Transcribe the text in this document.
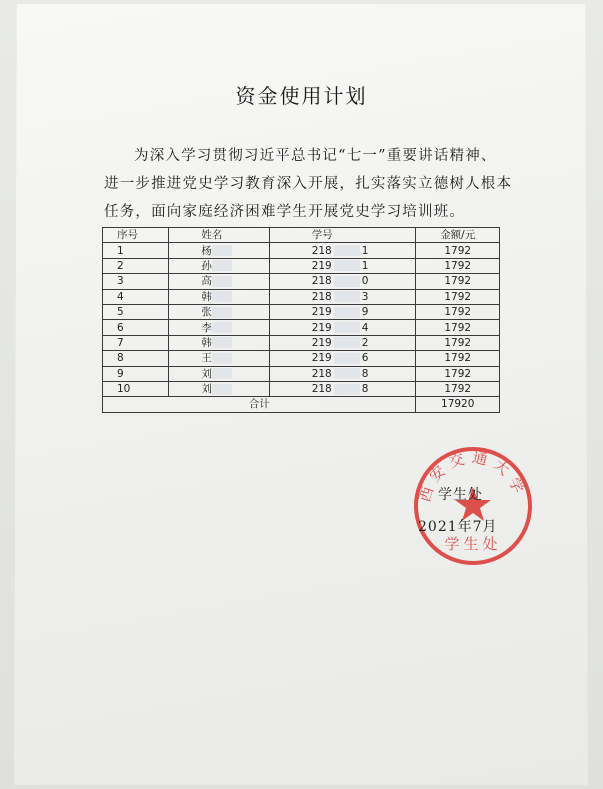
资金使用计划
为深入学习贯彻习近平总书记“七一”重要讲话精神、
进一步推进党史学习教育深入开展，扎实落实立德树人根本
任务，面向家庭经济困难学生开展党史学习培训班。
序号	姓名	学号	金额/元
1	杨	218 1	1792
2	孙	219 1	1792
3	高	218 0	1792
4	韩	218 3	1792
5	张	219 9	1792
6	李	219 4	1792
7	韩	219 2	1792
8	王	219 6	1792
9	刘	218 8	1792
10	刘	218 8	1792
合计			17920
西安交通大学
学生处
学生处
2021年7月
